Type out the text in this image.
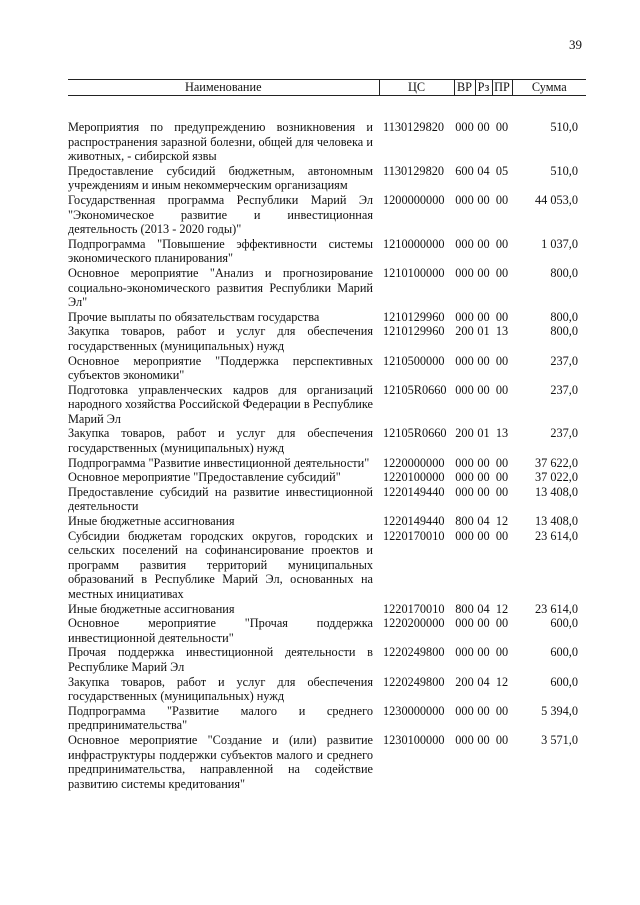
39
Наименование	ЦС	ВР	Рз	ПР	Сумма
Мероприятия по предупреждению возникновения и распространения заразной болезни, общей для человека и животных, - сибирской язвы	1130129820	000	00	00	510,0
Предоставление субсидий бюджетным, автономным учреждениям и иным некоммерческим организациям	1130129820	600	04	05	510,0
Государственная программа Республики Марий Эл "Экономическое развитие и инвестиционная деятельность (2013 - 2020 годы)"	1200000000	000	00	00	44 053,0
Подпрограмма "Повышение эффективности системы экономического планирования"	1210000000	000	00	00	1 037,0
Основное мероприятие "Анализ и прогнозирование социально-экономического развития Республики Марий Эл"	1210100000	000	00	00	800,0
Прочие выплаты по обязательствам государства	1210129960	000	00	00	800,0
Закупка товаров, работ и услуг для обеспечения государственных (муниципальных) нужд	1210129960	200	01	13	800,0
Основное мероприятие "Поддержка перспективных субъектов экономики"	1210500000	000	00	00	237,0
Подготовка управленческих кадров для организаций народного хозяйства Российской Федерации в Республике Марий Эл	12105R0660	000	00	00	237,0
Закупка товаров, работ и услуг для обеспечения государственных (муниципальных) нужд	12105R0660	200	01	13	237,0
Подпрограмма "Развитие инвестиционной деятельности"	1220000000	000	00	00	37 622,0
Основное мероприятие "Предоставление субсидий"	1220100000	000	00	00	37 022,0
Предоставление субсидий на развитие инвестиционной деятельности	1220149440	000	00	00	13 408,0
Иные бюджетные ассигнования	1220149440	800	04	12	13 408,0
Субсидии бюджетам городских округов, городских и сельских поселений на софинансирование проектов и программ развития территорий муниципальных образований в Республике Марий Эл, основанных на местных инициативах	1220170010	000	00	00	23 614,0
Иные бюджетные ассигнования	1220170010	800	04	12	23 614,0
Основное мероприятие "Прочая поддержка инвестиционной деятельности"	1220200000	000	00	00	600,0
Прочая поддержка инвестиционной деятельности в Республике Марий Эл	1220249800	000	00	00	600,0
Закупка товаров, работ и услуг для обеспечения государственных (муниципальных) нужд	1220249800	200	04	12	600,0
Подпрограмма "Развитие малого и среднего предпринимательства"	1230000000	000	00	00	5 394,0
Основное мероприятие "Создание и (или) развитие инфраструктуры поддержки субъектов малого и среднего предпринимательства, направленной на содействие развитию системы кредитования"	1230100000	000	00	00	3 571,0
